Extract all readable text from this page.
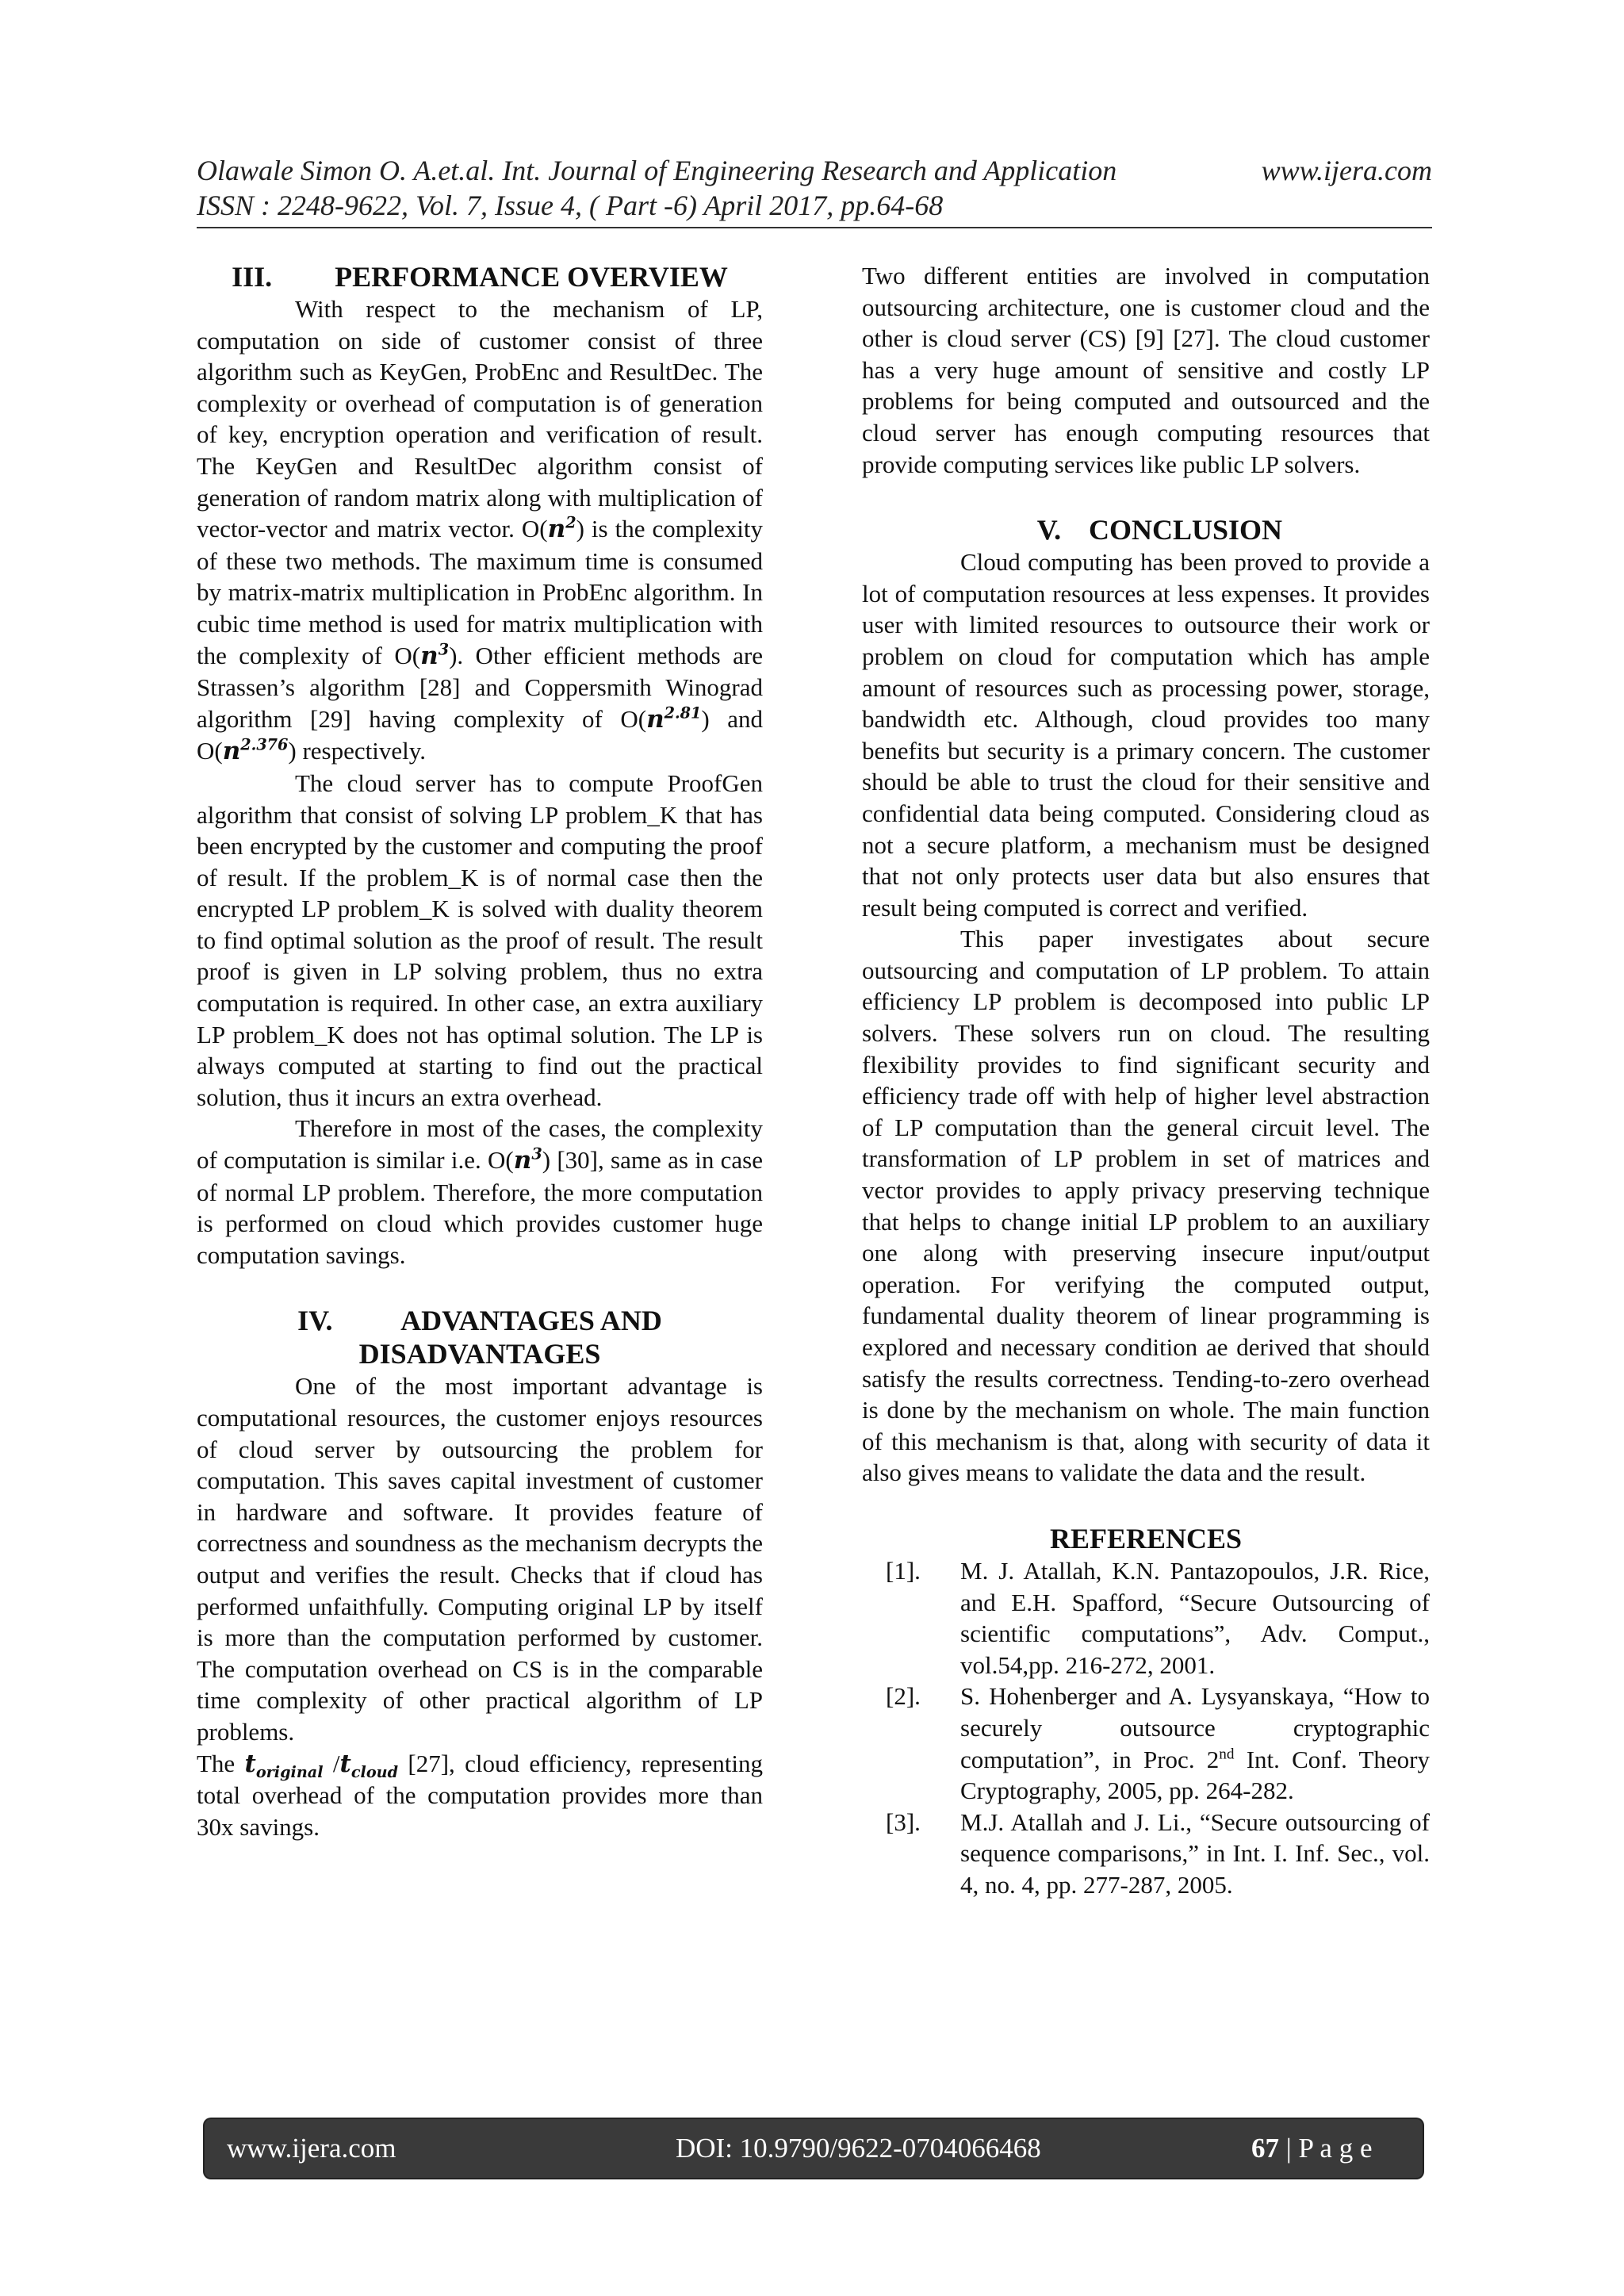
Olawale Simon O. A.et.al. Int. Journal of Engineering Research and Application	www.ijera.com
ISSN : 2248-9622, Vol. 7, Issue 4, ( Part -6) April 2017, pp.64-68
III. PERFORMANCE OVERVIEW

With respect to the mechanism of LP, computation on side of customer consist of three algorithm such as KeyGen, ProbEnc and ResultDec. The complexity or overhead of computation is of generation of key, encryption operation and verification of result. The KeyGen and ResultDec algorithm consist of generation of random matrix along with multiplication of vector-vector and matrix vector. $O(n^2)$ is the complexity of these two methods. The maximum time is consumed by matrix-matrix multiplication in ProbEnc algorithm. In cubic time method is used for matrix multiplication with the complexity of $O(n^3)$. Other efficient methods are Strassen’s algorithm [28] and Coppersmith Winograd algorithm [29] having complexity of $O(n^{2.81})$ and $O(n^{2.376})$ respectively.

The cloud server has to compute ProofGen algorithm that consist of solving LP problem_K that has been encrypted by the customer and computing the proof of result. If the problem_K is of normal case then the encrypted LP problem_K is solved with duality theorem to find optimal solution as the proof of result. The result proof is given in LP solving problem, thus no extra computation is required. In other case, an extra auxiliary LP problem_K does not has optimal solution. The LP is always computed at starting to find out the practical solution, thus it incurs an extra overhead.

Therefore in most of the cases, the complexity of computation is similar i.e. $O(n^3)$ [30], same as in case of normal LP problem. Therefore, the more computation is performed on cloud which provides customer huge computation savings.

IV. ADVANTAGES AND
DISADVANTAGES

One of the most important advantage is computational resources, the customer enjoys resources of cloud server by outsourcing the problem for computation. This saves capital investment of customer in hardware and software. It provides feature of correctness and soundness as the mechanism decrypts the output and verifies the result. Checks that if cloud has performed unfaithfully. Computing original LP by itself is more than the computation performed by customer. The computation overhead on CS is in the comparable time complexity of other practical algorithm of LP problems.

The $t_{original}$ $/t_{cloud}$ [27], cloud efficiency, representing total overhead of the computation provides more than 30x savings.

Two different entities are involved in computation outsourcing architecture, one is customer cloud and the other is cloud server (CS) [9] [27]. The cloud customer has a very huge amount of sensitive and costly LP problems for being computed and outsourced and the cloud server has enough computing resources that provide computing services like public LP solvers.

V. CONCLUSION

Cloud computing has been proved to provide a lot of computation resources at less expenses. It provides user with limited resources to outsource their work or problem on cloud for computation which has ample amount of resources such as processing power, storage, bandwidth etc. Although, cloud provides too many benefits but security is a primary concern. The customer should be able to trust the cloud for their sensitive and confidential data being computed. Considering cloud as not a secure platform, a mechanism must be designed that not only protects user data but also ensures that result being computed is correct and verified.

This paper investigates about secure outsourcing and computation of LP problem. To attain efficiency LP problem is decomposed into public LP solvers. These solvers run on cloud. The resulting flexibility provides to find significant security and efficiency trade off with help of higher level abstraction of LP computation than the general circuit level. The transformation of LP problem in set of matrices and vector provides to apply privacy preserving technique that helps to change initial LP problem to an auxiliary one along with preserving insecure input/output operation. For verifying the computed output, fundamental duality theorem of linear programming is explored and necessary condition ae derived that should satisfy the results correctness. Tending-to-zero overhead is done by the mechanism on whole. The main function of this mechanism is that, along with security of data it also gives means to validate the data and the result.

REFERENCES
[1].	M. J. Atallah, K.N. Pantazopoulos, J.R. Rice, and E.H. Spafford, “Secure Outsourcing of scientific computations”, Adv. Comput., vol.54,pp. 216-272, 2001.
[2].	S. Hohenberger and A. Lysyanskaya, “How to securely outsource cryptographic computation”, in Proc. 2nd Int. Conf. Theory Cryptography, 2005, pp. 264-282.
[3].	M.J. Atallah and J. Li., “Secure outsourcing of sequence comparisons,” in Int. I. Inf. Sec., vol. 4, no. 4, pp. 277-287, 2005.
www.ijera.com	DOI: 10.9790/9622-0704066468	67 | P a g e
